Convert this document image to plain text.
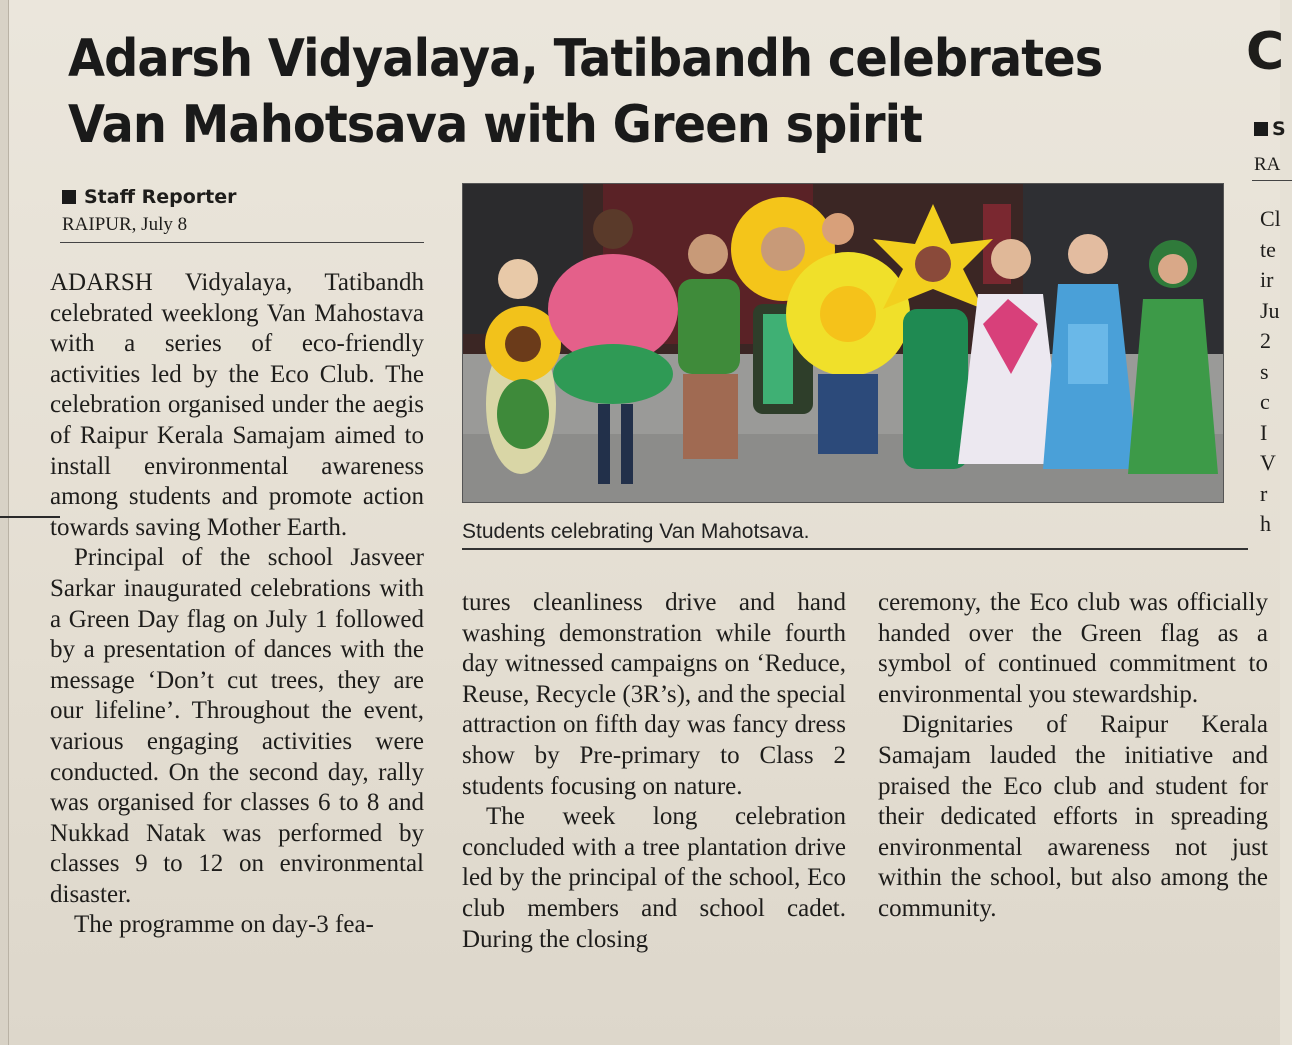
Adarsh Vidyalaya, Tatibandh celebrates
Van Mahotsava with Green spirit
Staff Reporter
RAIPUR, July 8

ADARSH Vidyalaya, Tatibandh celebrated weeklong Van Mahostava with a series of eco-friendly activities led by the Eco Club. The celebration organised under the aegis of Raipur Kerala Samajam aimed to install environmental awareness among students and promote action towards saving Mother Earth.

Principal of the school Jasveer Sarkar inaugurated celebrations with a Green Day flag on July 1 followed by a presentation of dances with the message ‘Don’t cut trees, they are our lifeline’. Throughout the event, various engaging activities were conducted. On the second day, rally was organised for classes 6 to 8 and Nukkad Natak was performed by classes 9 to 12 on environmental disaster.

The programme on day-3 fea-

Students celebrating Van Mahotsava.

tures cleanliness drive and hand washing demonstration while fourth day witnessed campaigns on ‘Reduce, Reuse, Recycle (3R’s), and the special attraction on fifth day was fancy dress show by Pre-primary to Class 2 students focusing on nature.

The week long celebration concluded with a tree plantation drive led by the principal of the school, Eco club members and school cadet. During the closing

ceremony, the Eco club was officially handed over the Green flag as a symbol of continued commitment to environmental you stewardship.

Dignitaries of Raipur Kerala Samajam lauded the initiative and praised the Eco club and student for their dedicated efforts in spreading environmental awareness not just within the school, but also among the community.

C
S
RA
Cl
te
ir
Ju
2
s
c
I
V
r
h
